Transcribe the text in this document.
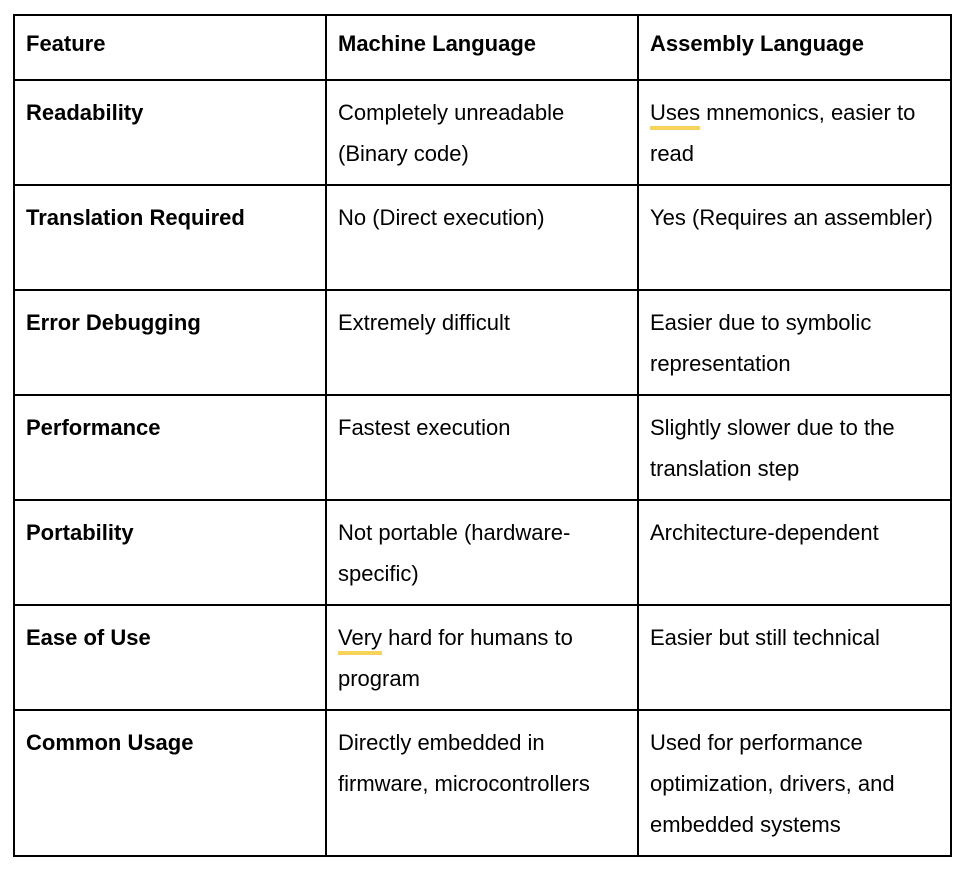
Feature	Machine Language	Assembly Language
Readability	Completely unreadable (Binary code)	Uses mnemonics, easier to read
Translation Required	No (Direct execution)	Yes (Requires an assembler)
Error Debugging	Extremely difficult	Easier due to symbolic representation
Performance	Fastest execution	Slightly slower due to the translation step
Portability	Not portable (hardware-specific)	Architecture-dependent
Ease of Use	Very hard for humans to program	Easier but still technical
Common Usage	Directly embedded in firmware, microcontrollers	Used for performance optimization, drivers, and embedded systems
